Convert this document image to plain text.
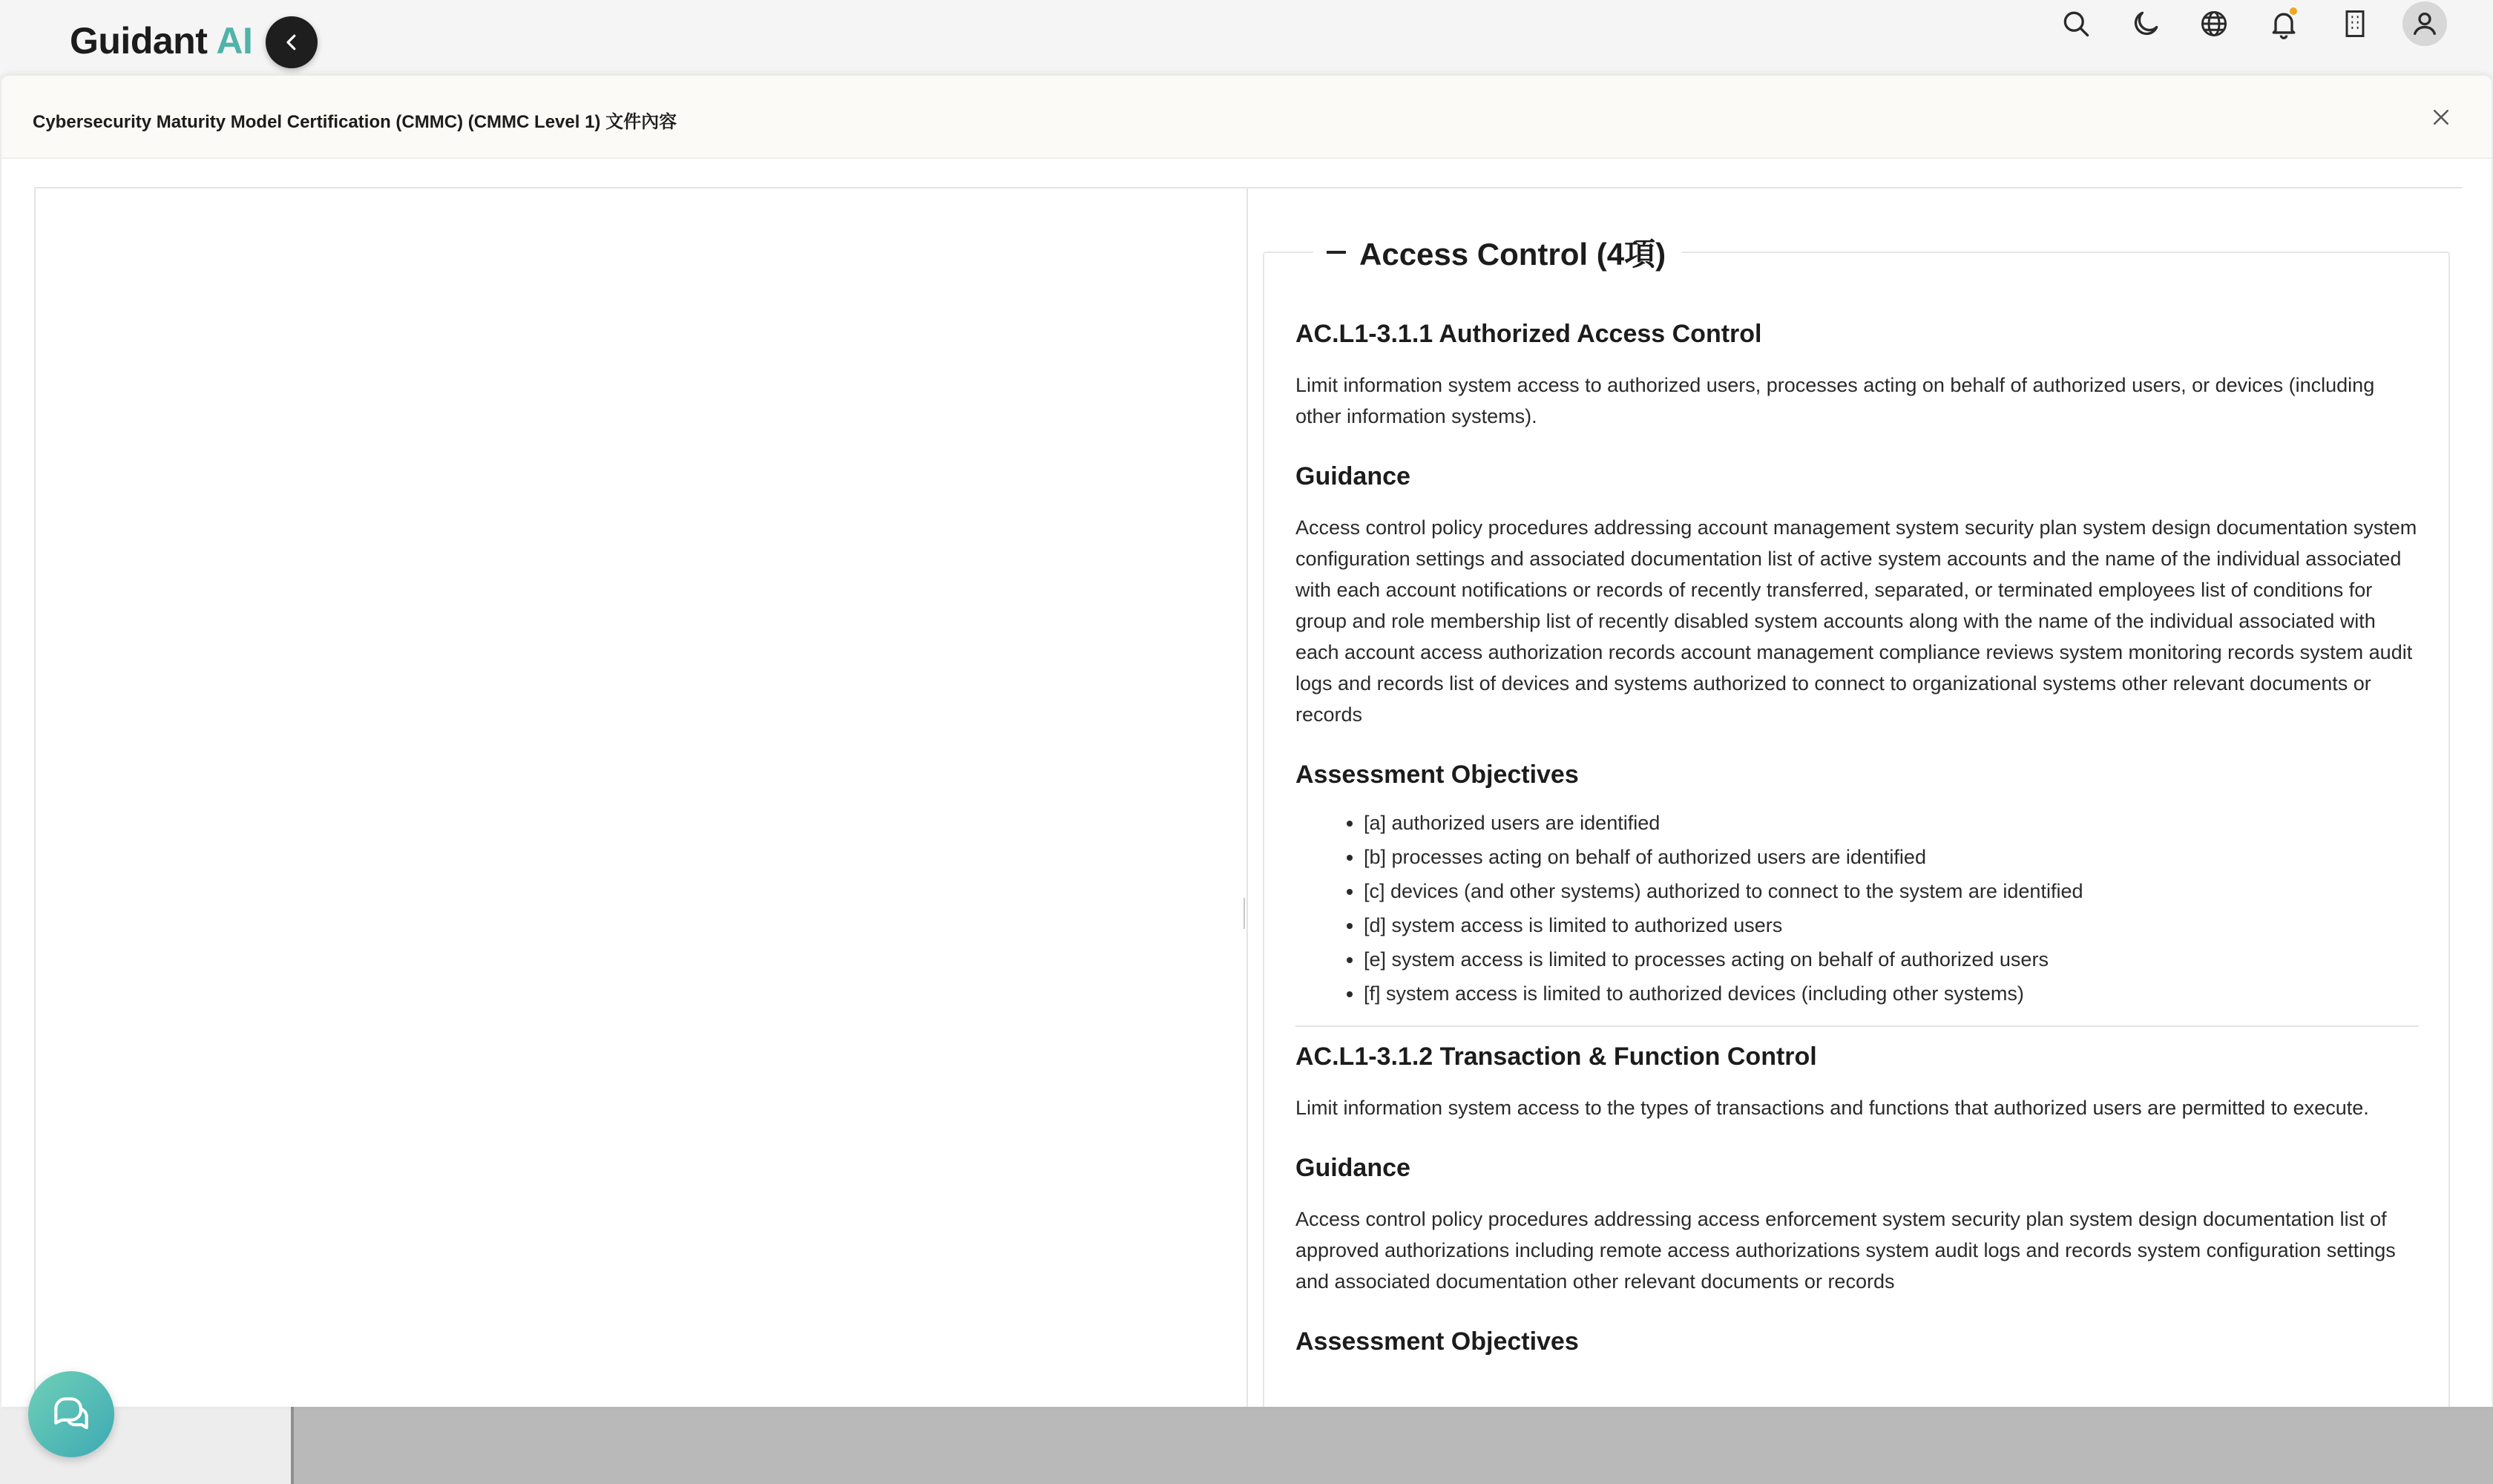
Guidant AI
Cybersecurity Maturity Model Certification (CMMC) (CMMC Level 1) 文件內容
Access Control (4項)
AC.L1-3.1.1 Authorized Access Control
Limit information system access to authorized users, processes acting on behalf of authorized users, or devices (including other information systems).
Guidance
Access control policy procedures addressing account management system security plan system design documentation system configuration settings and associated documentation list of active system accounts and the name of the individual associated with each account notifications or records of recently transferred, separated, or terminated employees list of conditions for group and role membership list of recently disabled system accounts along with the name of the individual associated with each account access authorization records account management compliance reviews system monitoring records system audit logs and records list of devices and systems authorized to connect to organizational systems other relevant documents or records
Assessment Objectives
• [a] authorized users are identified
• [b] processes acting on behalf of authorized users are identified
• [c] devices (and other systems) authorized to connect to the system are identified
• [d] system access is limited to authorized users
• [e] system access is limited to processes acting on behalf of authorized users
• [f] system access is limited to authorized devices (including other systems)
AC.L1-3.1.2 Transaction & Function Control
Limit information system access to the types of transactions and functions that authorized users are permitted to execute.
Guidance
Access control policy procedures addressing access enforcement system security plan system design documentation list of approved authorizations including remote access authorizations system audit logs and records system configuration settings and associated documentation other relevant documents or records
Assessment Objectives
